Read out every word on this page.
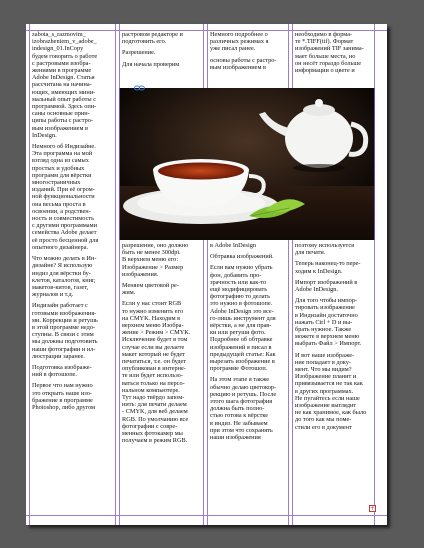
zabota_s_razmovim_
izobrazheniem_v_adobe_
indesign_01.InCopy
будем говорить о работе
с растровыми изобра-
жениями в программе
Adobe InDesign. Статья
рассчитана на начина-
ющих, имеющих мини-
мальный опыт работы с
программой. Здесь опи-
саны основные прин-
ципы работы с растро-
вым изображением в
InDesign.

Немного об Индизайне.
Эта программа на мой
взгляд одна из самых
простых и удобных
программ для вёрстки
многостраничных
изданий. При её огром-
ной функциональности
она весьма проста в
освоении, а родствен-
ность и совместимость
с другими программами
семейства Adobe делает
её просто бесценной для
опытного дизайнера.

Что можно делать в Ин-
дизайне? Я использую
индиз для вёрстки бу-
клетов, каталогов, книг,
макетов-китов, газет,
журналов и т.д.

Индизайн работает с
готовыми изображения-
ми. Коррекции и ретушь
в этой программе недо-
ступны. В связи с этим
мы должны подготовить
наши фотографии и ил-
люстрации заранее.

Подготовка изображе-
ний в фотошопе.

Первое что нам нужно
это открыть наше изо-
бражение в программе
Photoshop, либо другом

растровом редакторе и
подготовить его.

Разрешение.

Для начала проверим

Немного подробнее о
различных режимах я
уже писал ранее.

основы работы с растро-
вым изображением в

необходимо в форма-
те *.TIFF(tif). Формат
изображений TIF занима-
мает больше места, но
он несёт гораздо больше
информации о цвете и

разрешение, оно должно
быть не менее 300dpi.
В верхнем меню его:
Изображение > Размер
изображения.

Меняем цветовой ре-
жим.

Если у нас стоит RGB
то нужно изменить его
на CMYK. Находим в
верхнем меню Изобра-
жение > Режим > CMYK.
Исключение будет в том
случае если вы делаете
макет который не будет
печататься, т.е. он будет
опубликован в интерне-
те или будет использо-
ваться только на персо-
нальном компьютере.
Тут надо твёрдо запом-
нить: для печати делаем
- CMYK, для веб делаем
RGB. По умолчанию все
фотографии с совре-
менных фотокамер мы
получаем в режим RGB.

в Adobe InDesign

Обтравка изображений.

Если вам нужно убрать
фон, добавить про-
зрачность или как-то
ещё модифицировать
фотографию то делать
это нужно в фотошопе.
Adobe InDesign это все-
го-лишь инструмент для
вёрстки, а не для прав-
ки или ретуши фото.
Подробнее об обтравке
изображений я писал в
предыдущей статье: Как
вырезать изображение в
программе Фотошоп.

На этом этапе я также
обычно делаю цветокор-
рекцию и ретушь. После
этого шага фотография
должна быть полно-
стью готова к вёрстке
в индиз. Не забываем
при этом что сохранять
наши изображения

поэтому используется
для печати.

Теперь наконец-то пере-
ходим к InDesign.

Импорт изображений в
Adobe InDesign.

Для того чтобы импор-
тировать изображение
в Индизайн достаточно
нажать Ctrl + D и вы-
брать нужное. Также
можете в верхнем меню
выбрать Файл > Импорт.

И вот наше изображе-
ние попадает в доку-
мент. Что мы видим?
Изображение планит и
привязывается не так как
в других программах.
Не пугайтесь если наше
изображение выглядит
не как хранимое, как было
до того как мы поме-
стили его в документ

+
